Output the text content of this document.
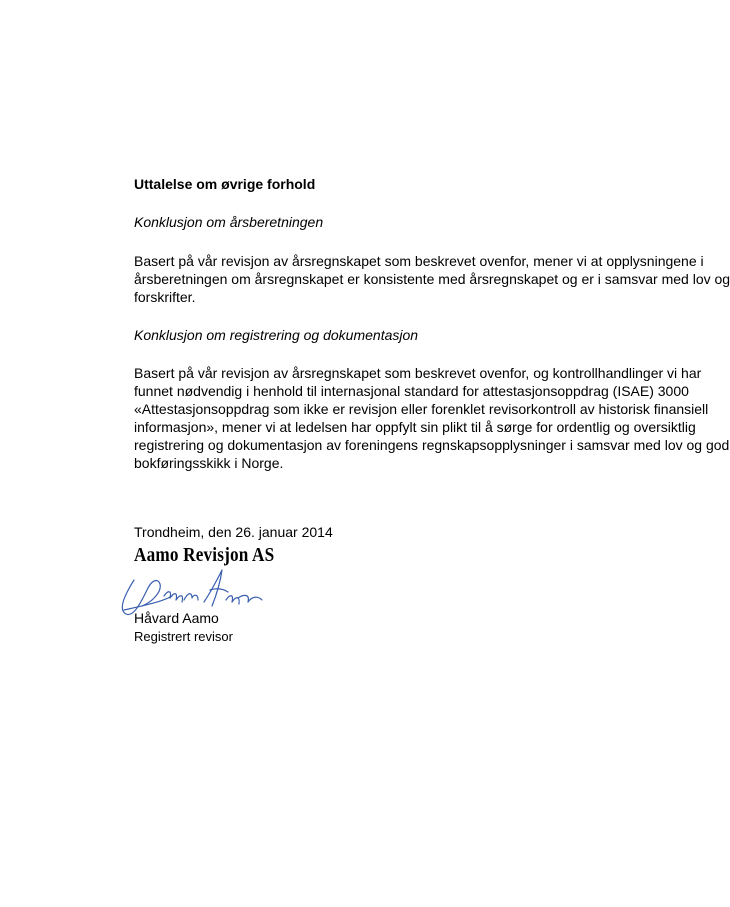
Uttalelse om øvrige forhold
Konklusjon om årsberetningen
Basert på vår revisjon av årsregnskapet som beskrevet ovenfor, mener vi at opplysningene i
årsberetningen om årsregnskapet er konsistente med årsregnskapet og er i samsvar med lov og
forskrifter.
Konklusjon om registrering og dokumentasjon
Basert på vår revisjon av årsregnskapet som beskrevet ovenfor, og kontrollhandlinger vi har
funnet nødvendig i henhold til internasjonal standard for attestasjonsoppdrag (ISAE) 3000
«Attestasjonsoppdrag som ikke er revisjon eller forenklet revisorkontroll av historisk finansiell
informasjon», mener vi at ledelsen har oppfylt sin plikt til å sørge for ordentlig og oversiktlig
registrering og dokumentasjon av foreningens regnskapsopplysninger i samsvar med lov og god
bokføringsskikk i Norge.
Trondheim, den 26. januar 2014
Aamo Revisjon AS
Håvard Aamo
Registrert revisor
